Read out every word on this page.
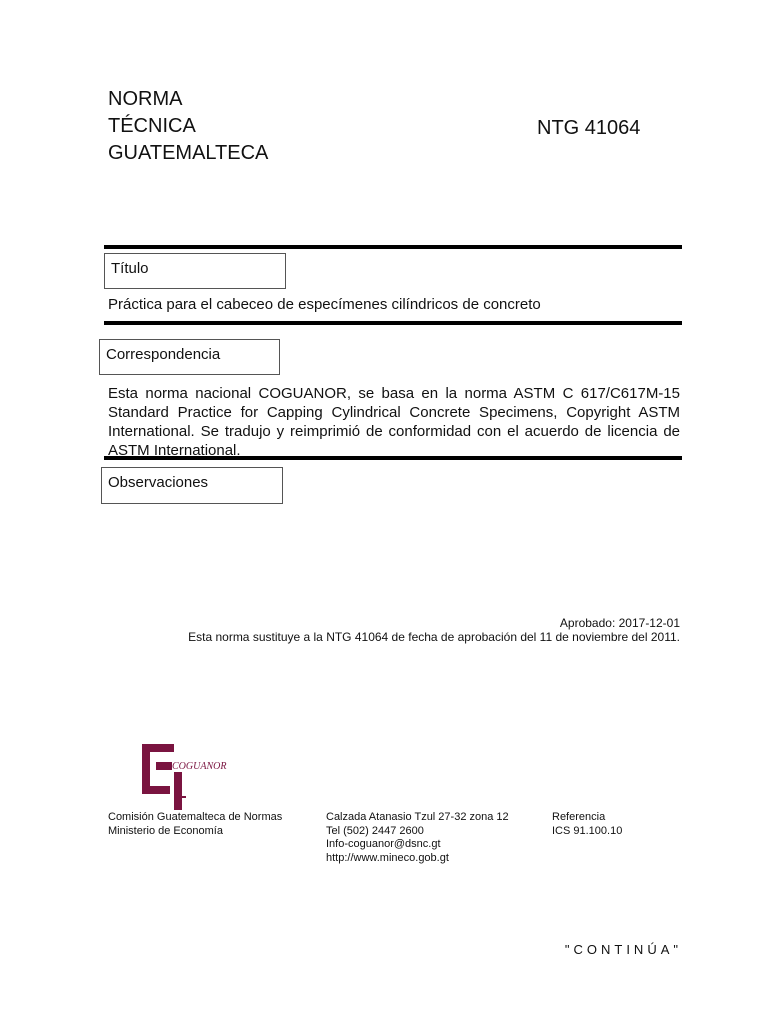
NORMA
TÉCNICA
GUATEMALTECA
NTG 41064
Título
Práctica para el cabeceo de especímenes cilíndricos de concreto
Correspondencia
Esta norma nacional COGUANOR, se basa en la norma ASTM C 617/C617M-15 Standard Practice for Capping Cylindrical Concrete Specimens, Copyright ASTM International. Se tradujo y reimprimió de conformidad con el acuerdo de licencia de ASTM International.
Observaciones
Aprobado: 2017-12-01
Esta norma sustituye a la NTG 41064 de fecha de aprobación del 11 de noviembre del 2011.
COGUANOR
Comisión Guatemalteca de Normas
Ministerio de Economía
Calzada Atanasio Tzul 27-32 zona 12
Tel (502) 2447 2600
Info-coguanor@dsnc.gt
http://www.mineco.gob.gt
Referencia
ICS 91.100.10
"CONTINÚA"
